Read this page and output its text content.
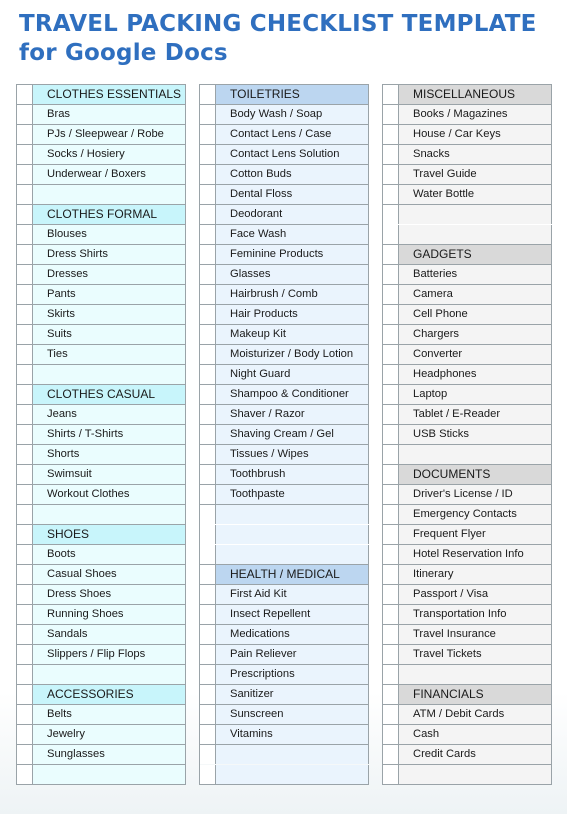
TRAVEL PACKING CHECKLIST TEMPLATE
for Google Docs
CLOTHES ESSENTIALS
Bras
PJs / Sleepwear / Robe
Socks / Hosiery
Underwear / Boxers
CLOTHES FORMAL
Blouses
Dress Shirts
Dresses
Pants
Skirts
Suits
Ties
CLOTHES CASUAL
Jeans
Shirts / T-Shirts
Shorts
Swimsuit
Workout Clothes
SHOES
Boots
Casual Shoes
Dress Shoes
Running Shoes
Sandals
Slippers / Flip Flops
ACCESSORIES
Belts
Jewelry
Sunglasses
TOILETRIES
Body Wash / Soap
Contact Lens / Case
Contact Lens Solution
Cotton Buds
Dental Floss
Deodorant
Face Wash
Feminine Products
Glasses
Hairbrush / Comb
Hair Products
Makeup Kit
Moisturizer / Body Lotion
Night Guard
Shampoo & Conditioner
Shaver / Razor
Shaving Cream / Gel
Tissues / Wipes
Toothbrush
Toothpaste
HEALTH / MEDICAL
First Aid Kit
Insect Repellent
Medications
Pain Reliever
Prescriptions
Sanitizer
Sunscreen
Vitamins
MISCELLANEOUS
Books / Magazines
House / Car Keys
Snacks
Travel Guide
Water Bottle
GADGETS
Batteries
Camera
Cell Phone
Chargers
Converter
Headphones
Laptop
Tablet / E-Reader
USB Sticks
DOCUMENTS
Driver's License / ID
Emergency Contacts
Frequent Flyer
Hotel Reservation Info
Itinerary
Passport / Visa
Transportation Info
Travel Insurance
Travel Tickets
FINANCIALS
ATM / Debit Cards
Cash
Credit Cards
